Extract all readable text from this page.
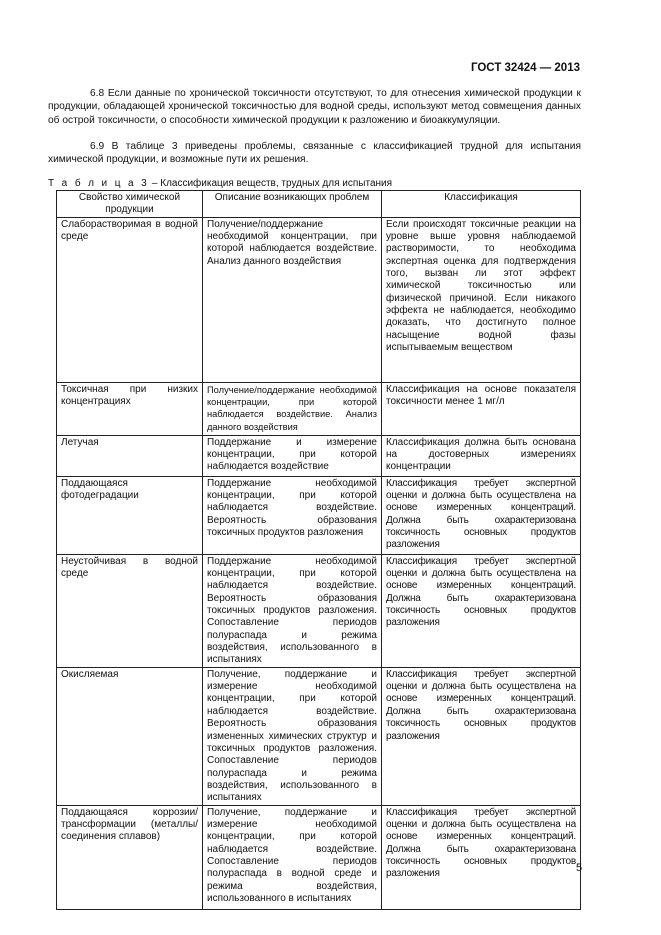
ГОСТ 32424 — 2013

6.8 Если данные по хронической токсичности отсутствуют, то для отнесения химической продукции к продукции, обладающей хронической токсичностью для водной среды, используют метод совмещения данных об острой токсичности, о способности химической продукции к разложению и биоаккумуляции.

6.9 В таблице 3 приведены проблемы, связанные с классификацией трудной для испытания химической продукции, и возможные пути их решения.

Т а б л и ц а 3 – Классификация веществ, трудных для испытания
Свойство химической продукции	Описание возникающих проблем	Классификация
Слаборастворимая в водной среде	Получение/поддержание необходимой концентрации, при которой наблюдается воздействие. Анализ данного воздействия	Если происходят токсичные реакции на уровне выше уровня наблюдаемой растворимости, то необходима экспертная оценка для подтверждения того, вызван ли этот эффект химической токсичностью или физической причиной. Если никакого эффекта не наблюдается, необходимо доказать, что достигнуто полное насыщение водной фазы испытываемым веществом
Токсичная при низких концентрациях	Получение/поддержание необходимой концентрации, при которой наблюдается воздействие. Анализ данного воздействия	Классификация на основе показателя токсичности менее 1 мг/л
Летучая	Поддержание и измерение концентрации, при которой наблюдается воздействие	Классификация должна быть основана на достоверных измерениях концентрации
Поддающаяся фотодеградации	Поддержание необходимой концентрации, при которой наблюдается воздействие. Вероятность образования токсичных продуктов разложения	Классификация требует экспертной оценки и должна быть осуществлена на основе измеренных концентраций. Должна быть охарактеризована токсичность основных продуктов разложения
Неустойчивая в водной среде	Поддержание необходимой концентрации, при которой наблюдается воздействие. Вероятность образования токсичных продуктов разложения. Сопоставление периодов полураспада и режима воздействия, использованного в испытаниях	Классификация требует экспертной оценки и должна быть осуществлена на основе измеренных концентраций. Должна быть охарактеризована токсичность основных продуктов разложения
Окисляемая	Получение, поддержание и измерение необходимой концентрации, при которой наблюдается воздействие. Вероятность образования измененных химических структур и токсичных продуктов разложения. Сопоставление периодов полураспада и режима воздействия, использованного в испытаниях	Классификация требует экспертной оценки и должна быть осуществлена на основе измеренных концентраций. Должна быть охарактеризована токсичность основных продуктов разложения
Поддающаяся коррозии/трансформации (металлы/соединения сплавов)	Получение, поддержание и измерение необходимой концентрации, при которой наблюдается воздействие. Сопоставление периодов полураспада в водной среде и режима воздействия, использованного в испытаниях	Классификация требует экспертной оценки и должна быть осуществлена на основе измеренных концентраций. Должна быть охарактеризована токсичность основных продуктов разложения	5
